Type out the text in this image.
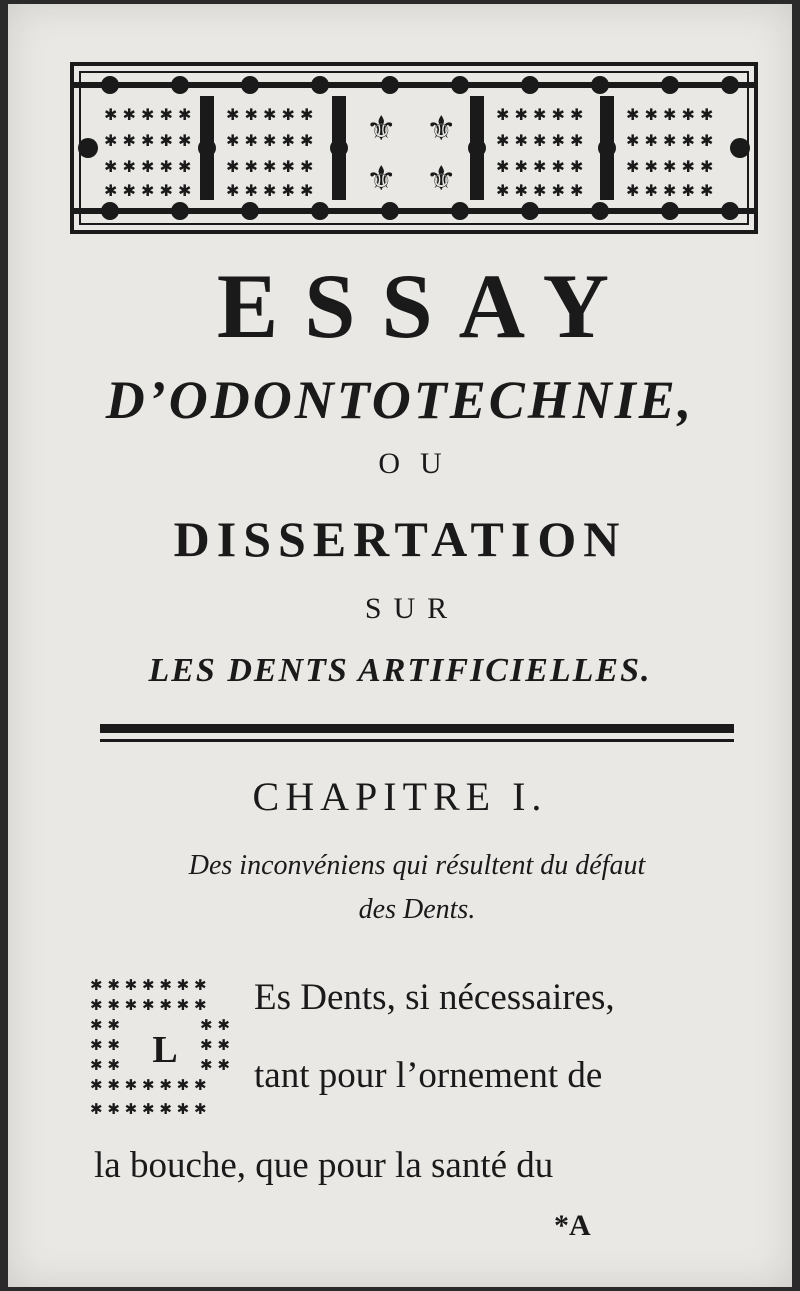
✱ ✱ ✱ ✱ ✱
✱ ✱ ✱ ✱ ✱
✱ ✱ ✱ ✱ ✱
✱ ✱ ✱ ✱ ✱
✱ ✱ ✱ ✱ ✱
✱ ✱ ✱ ✱ ✱
✱ ✱ ✱ ✱ ✱
✱ ✱ ✱ ✱ ✱
✱ ✱ ✱ ✱ ✱
✱ ✱ ✱ ✱ ✱
✱ ✱ ✱ ✱ ✱
✱ ✱ ✱ ✱ ✱
✱ ✱ ✱ ✱ ✱
✱ ✱ ✱ ✱ ✱
✱ ✱ ✱ ✱ ✱
✱ ✱ ✱ ✱ ✱
⚜ ⚜
⚜ ⚜
ESSAY
D’ODONTOTECHNIE,
OU
DISSERTATION
SUR
LES DENTS ARTIFICIELLES.
CHAPITRE I.
Des inconvéniens qui résultent du défaut
des Dents.
✱ ✱ ✱ ✱ ✱ ✱ ✱
✱ ✱ ✱ ✱ ✱ ✱ ✱
✱ ✱	✱ ✱
✱ ✱	✱ ✱
✱ ✱	✱ ✱
✱ ✱ ✱ ✱ ✱ ✱ ✱
✱ ✱ ✱ ✱ ✱ ✱ ✱
L
Es Dents, si nécessaires,
tant pour l’ornement de
la bouche, que pour la santé du
*A
